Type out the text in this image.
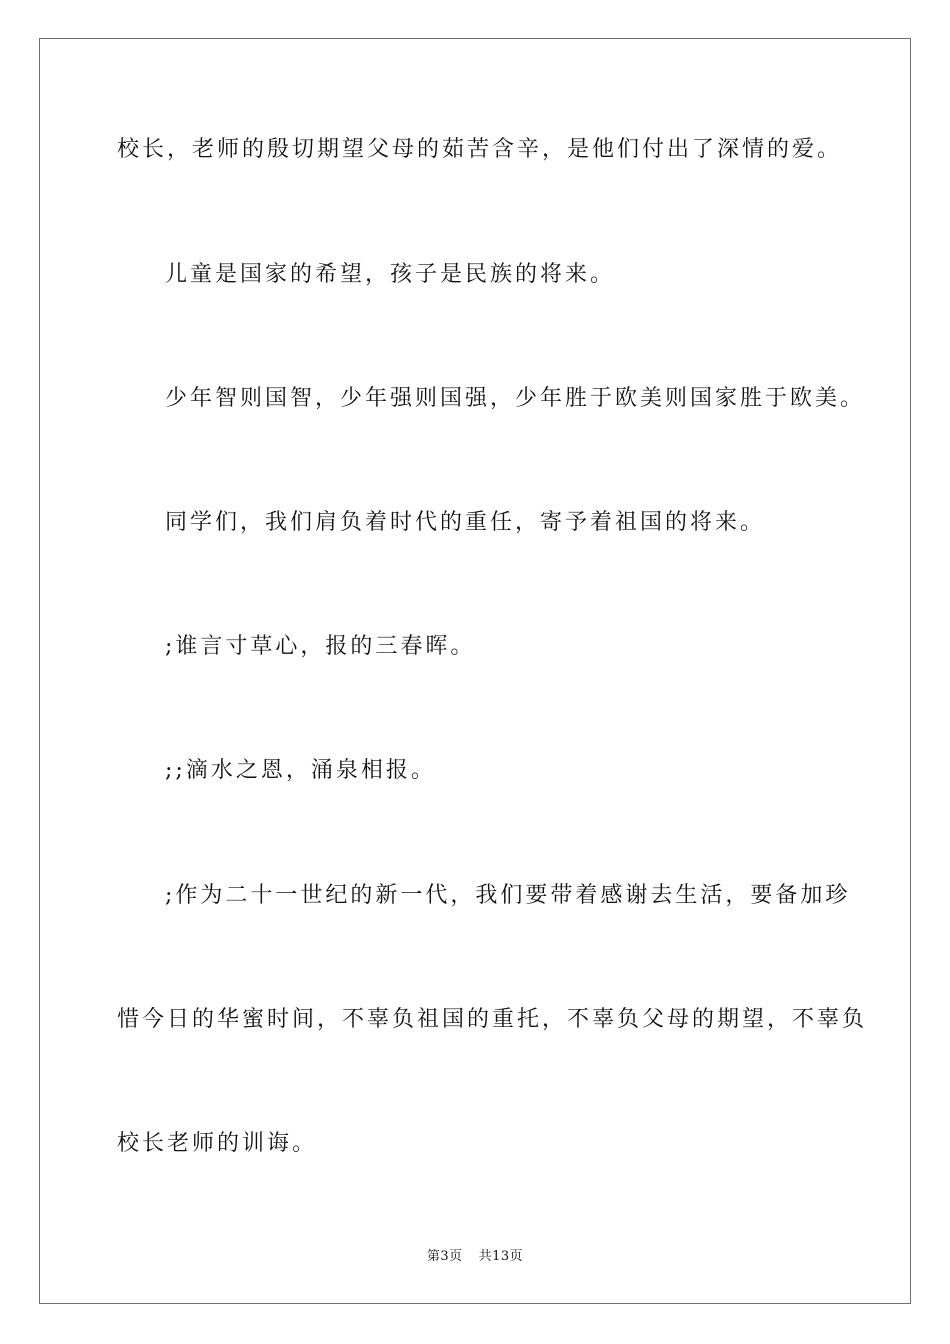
校长，老师的殷切期望父母的茹苦含辛，是他们付出了深情的爱。

儿童是国家的希望，孩子是民族的将来。

少年智则国智，少年强则国强，少年胜于欧美则国家胜于欧美。

同学们，我们肩负着时代的重任，寄予着祖国的将来。

;谁言寸草心，报的三春晖。

;;滴水之恩，涌泉相报。

;作为二十一世纪的新一代，我们要带着感谢去生活，要备加珍

惜今日的华蜜时间，不辜负祖国的重托，不辜负父母的期望，不辜负

校长老师的训诲。

第3页 共13页
